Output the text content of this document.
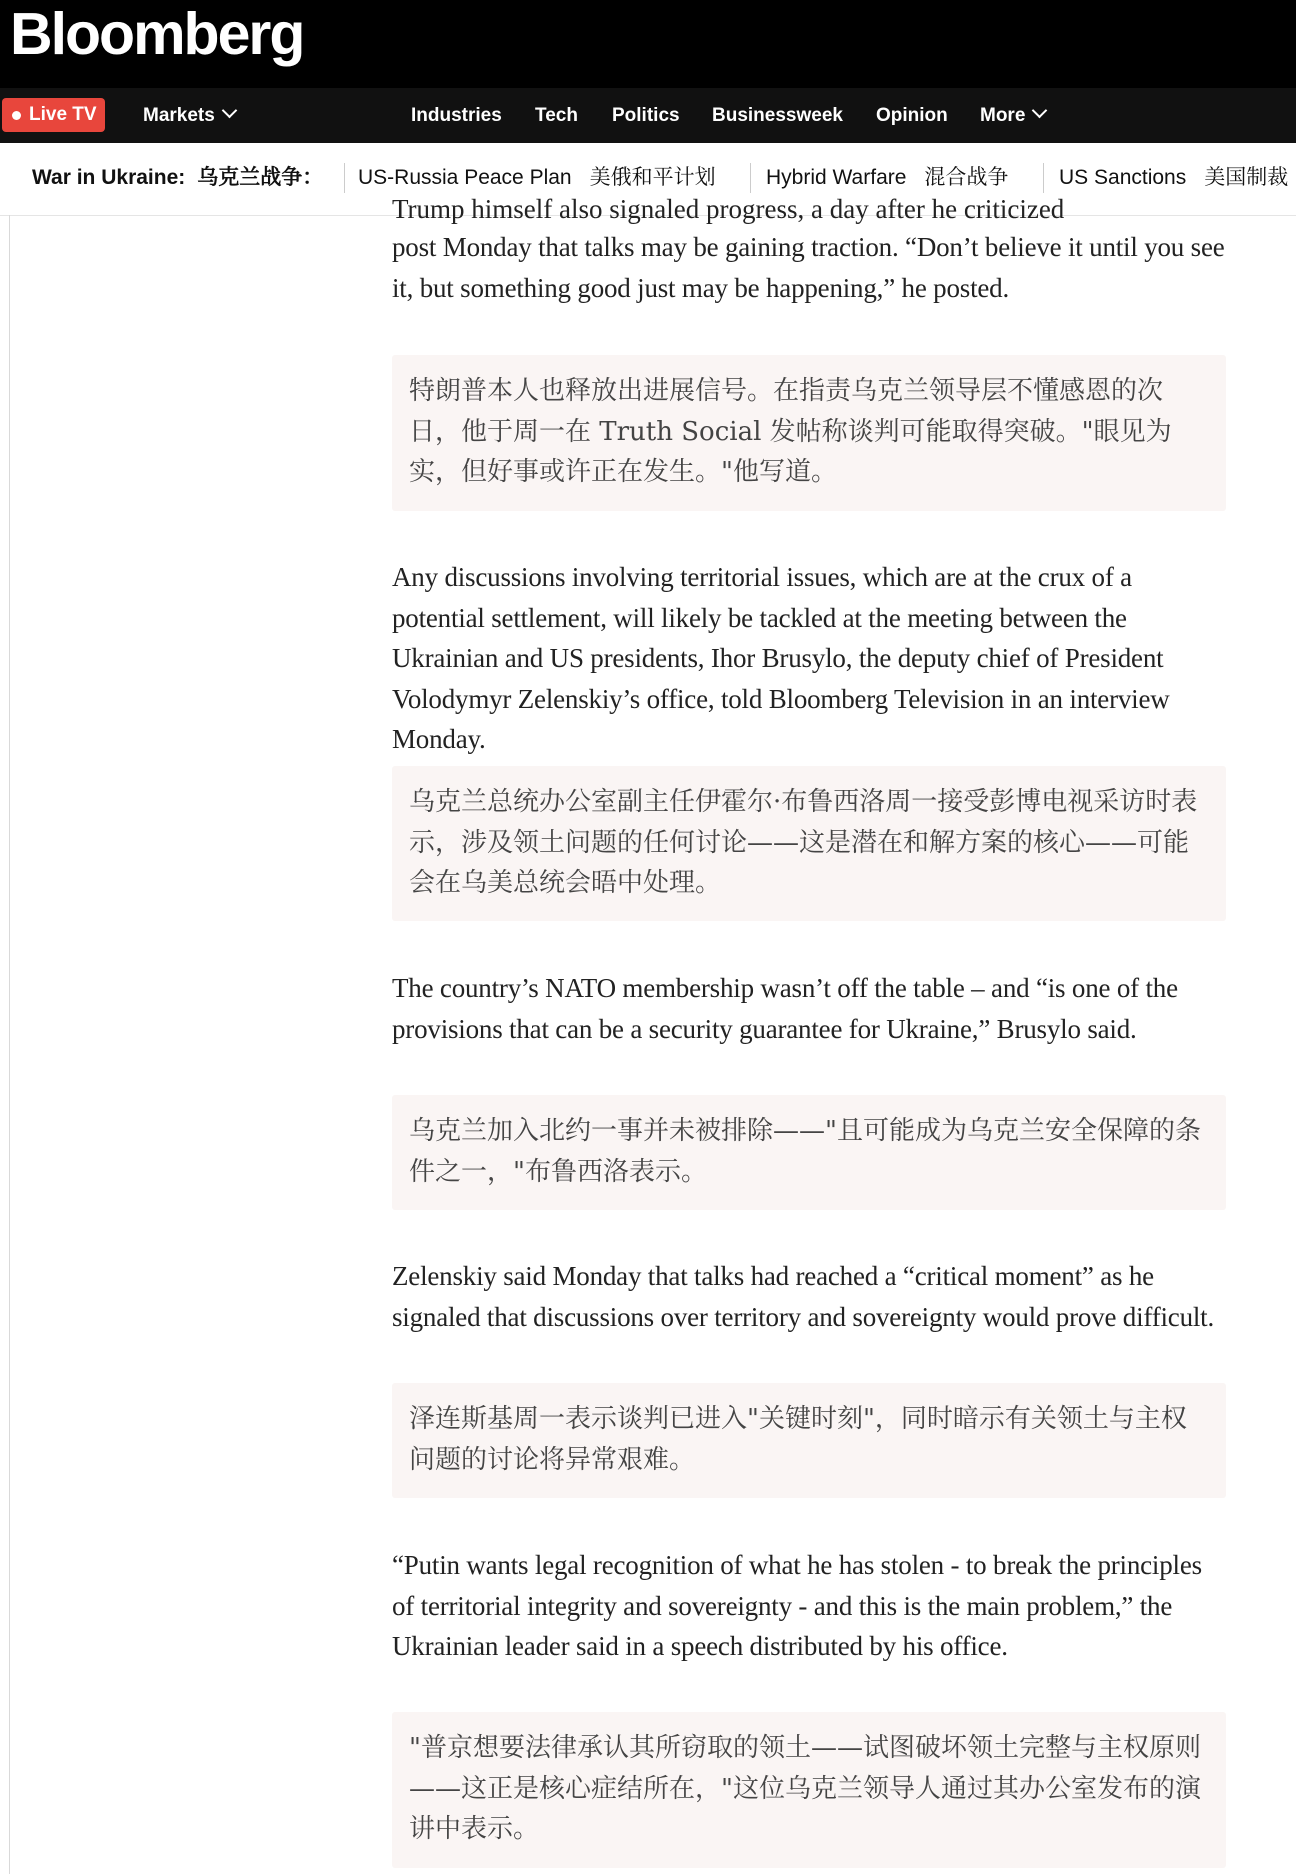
Bloomberg
Live TV	Markets	Industries Tech Politics Businessweek Opinion More
War in Ukraine: 乌克兰战争： US-Russia Peace Plan 美俄和平计划 Hybrid Warfare 混合战争 US Sanctions 美国制裁
Trump himself also signaled progress, a day after he criticized

post Monday that talks may be gaining traction. “Don’t believe it until you see it, but something good just may be happening,” he posted.

特朗普本人也释放出进展信号。在指责乌克兰领导层不懂感恩的次日，他于周一在 Truth Social 发帖称谈判可能取得突破。"眼见为实，但好事或许正在发生。"他写道。

Any discussions involving territorial issues, which are at the crux of a potential settlement, will likely be tackled at the meeting between the Ukrainian and US presidents, Ihor Brusylo, the deputy chief of President Volodymyr Zelenskiy’s office, told Bloomberg Television in an interview Monday.

乌克兰总统办公室副主任伊霍尔·布鲁西洛周一接受彭博电视采访时表示，涉及领土问题的任何讨论——这是潜在和解方案的核心——可能会在乌美总统会晤中处理。

The country’s NATO membership wasn’t off the table – and “is one of the provisions that can be a security guarantee for Ukraine,” Brusylo said.

乌克兰加入北约一事并未被排除——"且可能成为乌克兰安全保障的条件之一，"布鲁西洛表示。

Zelenskiy said Monday that talks had reached a “critical moment” as he signaled that discussions over territory and sovereignty would prove difficult.

泽连斯基周一表示谈判已进入"关键时刻"，同时暗示有关领土与主权问题的讨论将异常艰难。

“Putin wants legal recognition of what he has stolen - to break the principles of territorial integrity and sovereignty - and this is the main problem,” the Ukrainian leader said in a speech distributed by his office.

"普京想要法律承认其所窃取的领土——试图破坏领土完整与主权原则——这正是核心症结所在，"这位乌克兰领导人通过其办公室发布的演讲中表示。
